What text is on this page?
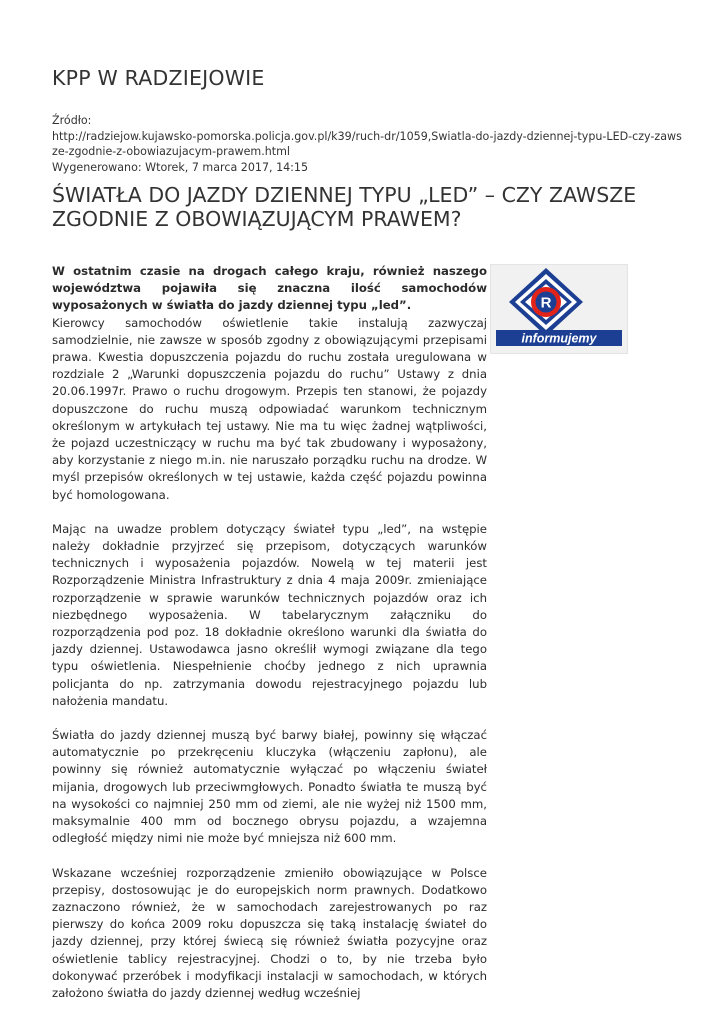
KPP W RADZIEJOWIE
Źródło:
http://radziejow.kujawsko-pomorska.policja.gov.pl/k39/ruch-dr/1059,Swiatla-do-jazdy-dziennej-typu-LED-czy-zawsze-zgodnie-z-obowiazujacym-prawem.html
Wygenerowano: Wtorek, 7 marca 2017, 14:15
ŚWIATŁA DO JAZDY DZIENNEJ TYPU „LED” – CZY ZAWSZE ZGODNIE Z OBOWIĄZUJĄCYM PRAWEM?
R
informujemy

W ostatnim czasie na drogach całego kraju, również naszego województwa pojawiła się znaczna ilość samochodów wyposażonych w światła do jazdy dziennej typu „led”.

Kierowcy samochodów oświetlenie takie instalują zazwyczaj samodzielnie, nie zawsze w sposób zgodny z obowiązującymi przepisami prawa. Kwestia dopuszczenia pojazdu do ruchu została uregulowana w rozdziale 2 „Warunki dopuszczenia pojazdu do ruchu” Ustawy z dnia 20.06.1997r. Prawo o ruchu drogowym. Przepis ten stanowi, że pojazdy dopuszczone do ruchu muszą odpowiadać warunkom technicznym określonym w artykułach tej ustawy. Nie ma tu więc żadnej wątpliwości, że pojazd uczestniczący w ruchu ma być tak zbudowany i wyposażony, aby korzystanie z niego m.in. nie naruszało porządku ruchu na drodze. W myśl przepisów określonych w tej ustawie, każda część pojazdu powinna być homologowana.

Mając na uwadze problem dotyczący świateł typu „led”, na wstępie należy dokładnie przyjrzeć się przepisom, dotyczących warunków technicznych i wyposażenia pojazdów. Nowelą w tej materii jest Rozporządzenie Ministra Infrastruktury z dnia 4 maja 2009r. zmieniające rozporządzenie w sprawie warunków technicznych pojazdów oraz ich niezbędnego wyposażenia. W tabelarycznym załączniku do rozporządzenia pod poz. 18 dokładnie określono warunki dla światła do jazdy dziennej. Ustawodawca jasno określił wymogi związane dla tego typu oświetlenia. Niespełnienie choćby jednego z nich uprawnia policjanta do np. zatrzymania dowodu rejestracyjnego pojazdu lub nałożenia mandatu.

Światła do jazdy dziennej muszą być barwy białej, powinny się włączać automatycznie po przekręceniu kluczyka (włączeniu zapłonu), ale powinny się również automatycznie wyłączać po włączeniu świateł mijania, drogowych lub przeciwmgłowych. Ponadto światła te muszą być na wysokości co najmniej 250 mm od ziemi, ale nie wyżej niż 1500 mm, maksymalnie 400 mm od bocznego obrysu pojazdu, a wzajemna odległość między nimi nie może być mniejsza niż 600 mm.

Wskazane wcześniej rozporządzenie zmieniło obowiązujące w Polsce przepisy, dostosowując je do europejskich norm prawnych. Dodatkowo zaznaczono również, że w samochodach zarejestrowanych po raz pierwszy do końca 2009 roku dopuszcza się taką instalację świateł do jazdy dziennej, przy której świecą się również światła pozycyjne oraz oświetlenie tablicy rejestracyjnej. Chodzi o to, by nie trzeba było dokonywać przeróbek i modyfikacji instalacji w samochodach, w których założono światła do jazdy dziennej według wcześniej
